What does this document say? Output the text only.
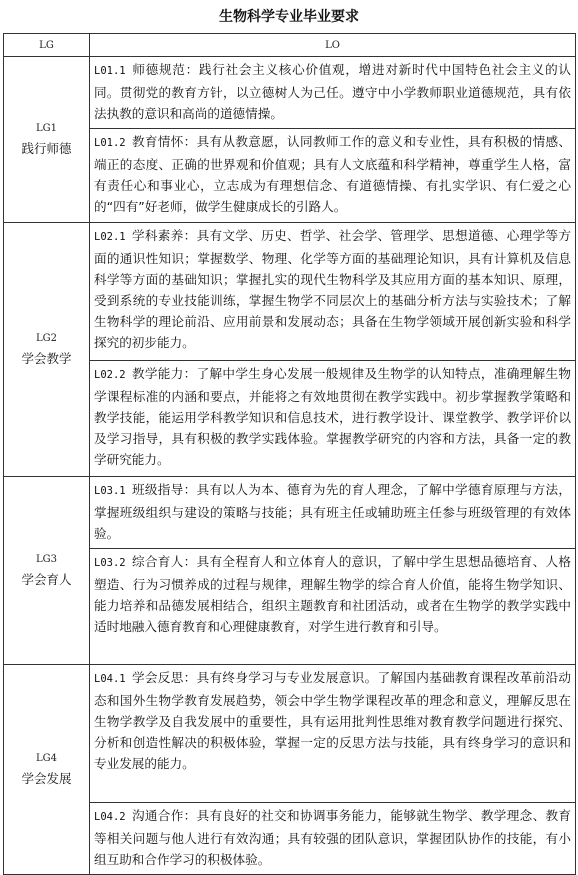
生物科学专业毕业要求
LG	LO

LG1
践行师德	L01.1 师德规范：践行社会主义核心价值观，增进对新时代中国特色社会主义的认同。贯彻党的教育方针，以立德树人为己任。遵守中小学教师职业道德规范，具有依法执教的意识和高尚的道德情操。
	L01.2 教育情怀：具有从教意愿，认同教师工作的意义和专业性，具有积极的情感、端正的态度、正确的世界观和价值观；具有人文底蕴和科学精神，尊重学生人格，富有责任心和事业心，立志成为有理想信念、有道德情操、有扎实学识、有仁爱之心的“四有”好老师，做学生健康成长的引路人。

LG2
学会教学	L02.1 学科素养：具有文学、历史、哲学、社会学、管理学、思想道德、心理学等方面的通识性知识；掌握数学、物理、化学等方面的基础理论知识，具有计算机及信息科学等方面的基础知识；掌握扎实的现代生物科学及其应用方面的基本知识、原理，受到系统的专业技能训练，掌握生物学不同层次上的基础分析方法与实验技术；了解生物科学的理论前沿、应用前景和发展动态；具备在生物学领域开展创新实验和科学探究的初步能力。
	L02.2 教学能力：了解中学生身心发展一般规律及生物学的认知特点，准确理解生物学课程标准的内涵和要点，并能将之有效地贯彻在教学实践中。初步掌握教学策略和教学技能，能运用学科教学知识和信息技术，进行教学设计、课堂教学、教学评价以及学习指导，具有积极的教学实践体验。掌握教学研究的内容和方法，具备一定的教学研究能力。

LG3
学会育人	L03.1 班级指导：具有以人为本、德育为先的育人理念，了解中学德育原理与方法，掌握班级组织与建设的策略与技能；具有班主任或辅助班主任参与班级管理的有效体验。
	L03.2 综合育人：具有全程育人和立体育人的意识，了解中学生思想品德培育、人格塑造、行为习惯养成的过程与规律，理解生物学的综合育人价值，能将生物学知识、能力培养和品德发展相结合，组织主题教育和社团活动，或者在生物学的教学实践中适时地融入德育教育和心理健康教育，对学生进行教育和引导。

LG4
学会发展	L04.1 学会反思：具有终身学习与专业发展意识。了解国内基础教育课程改革前沿动态和国外生物学教育发展趋势，领会中学生物学课程改革的理念和意义，理解反思在生物学教学及自我发展中的重要性，具有运用批判性思维对教育教学问题进行探究、分析和创造性解决的积极体验，掌握一定的反思方法与技能，具有终身学习的意识和专业发展的能力。
	L04.2 沟通合作：具有良好的社交和协调事务能力，能够就生物学、教学理念、教育等相关问题与他人进行有效沟通；具有较强的团队意识，掌握团队协作的技能，有小组互助和合作学习的积极体验。
